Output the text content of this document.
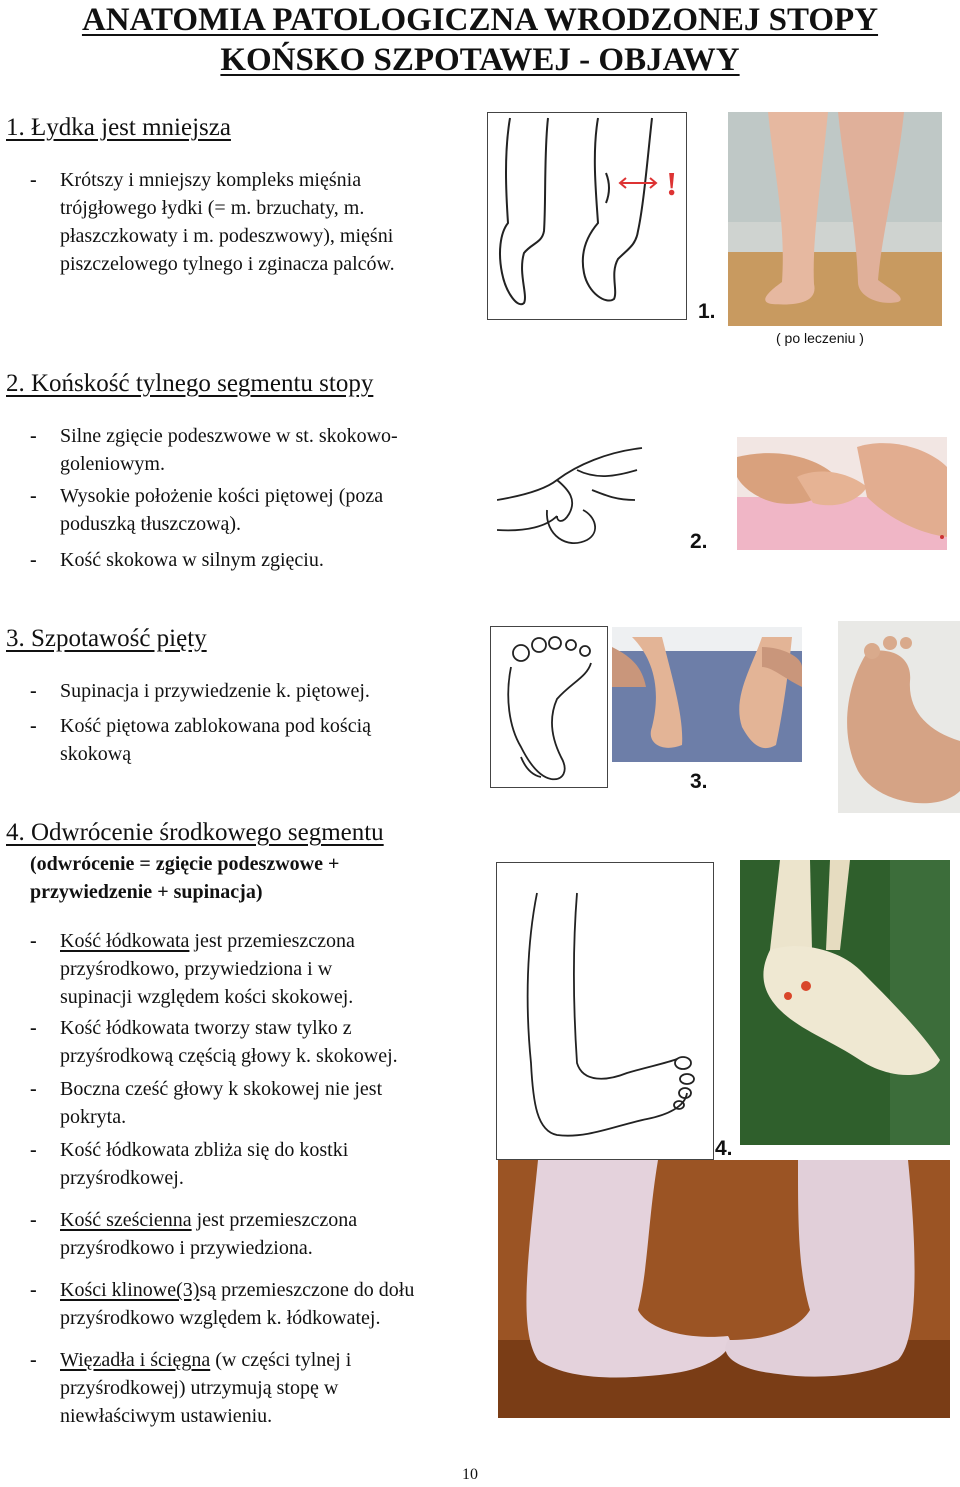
ANATOMIA PATOLOGICZNA WRODZONEJ STOPY
KOŃSKO SZPOTAWEJ - OBJAWY
1. Łydka jest mniejsza
- Krótszy i mniejszy kompleks mięśnia
trójgłowego łydki (= m. brzuchaty, m.
płaszczkowaty i m. podeszwowy), mięśni
piszczelowego tylnego i zginacza palców.
2. Końskość tylnego segmentu stopy
- Silne zgięcie podeszwowe w st. skokowo-
goleniowym.
- Wysokie położenie kości piętowej (poza
poduszką tłuszczową).
- Kość skokowa w silnym zgięciu.
3. Szpotawość pięty
- Supinacja i przywiedzenie k. piętowej.
- Kość piętowa zablokowana pod kością
skokową
4. Odwrócenie środkowego segmentu
(odwrócenie = zgięcie podeszwowe +
przywiedzenie + supinacja)
- Kość łódkowata jest przemieszczona
przyśrodkowo, przywiedziona i w
supinacji względem kości skokowej.
- Kość łódkowata tworzy staw tylko z
przyśrodkową częścią głowy k. skokowej.
- Boczna cześć głowy k skokowej nie jest
pokryta.
- Kość łódkowata zbliża się do kostki
przyśrodkowej.
- Kość sześcienna jest przemieszczona
przyśrodkowo i przywiedziona.
- Kości klinowe(3)są przemieszczone do dołu
przyśrodkowo względem k. łódkowatej.
- Więzadła i ścięgna (w części tylnej i
przyśrodkowej) utrzymują stopę w
niewłaściwym ustawieniu.
!
1.
( po leczeniu )
2.
3.
4.
10
